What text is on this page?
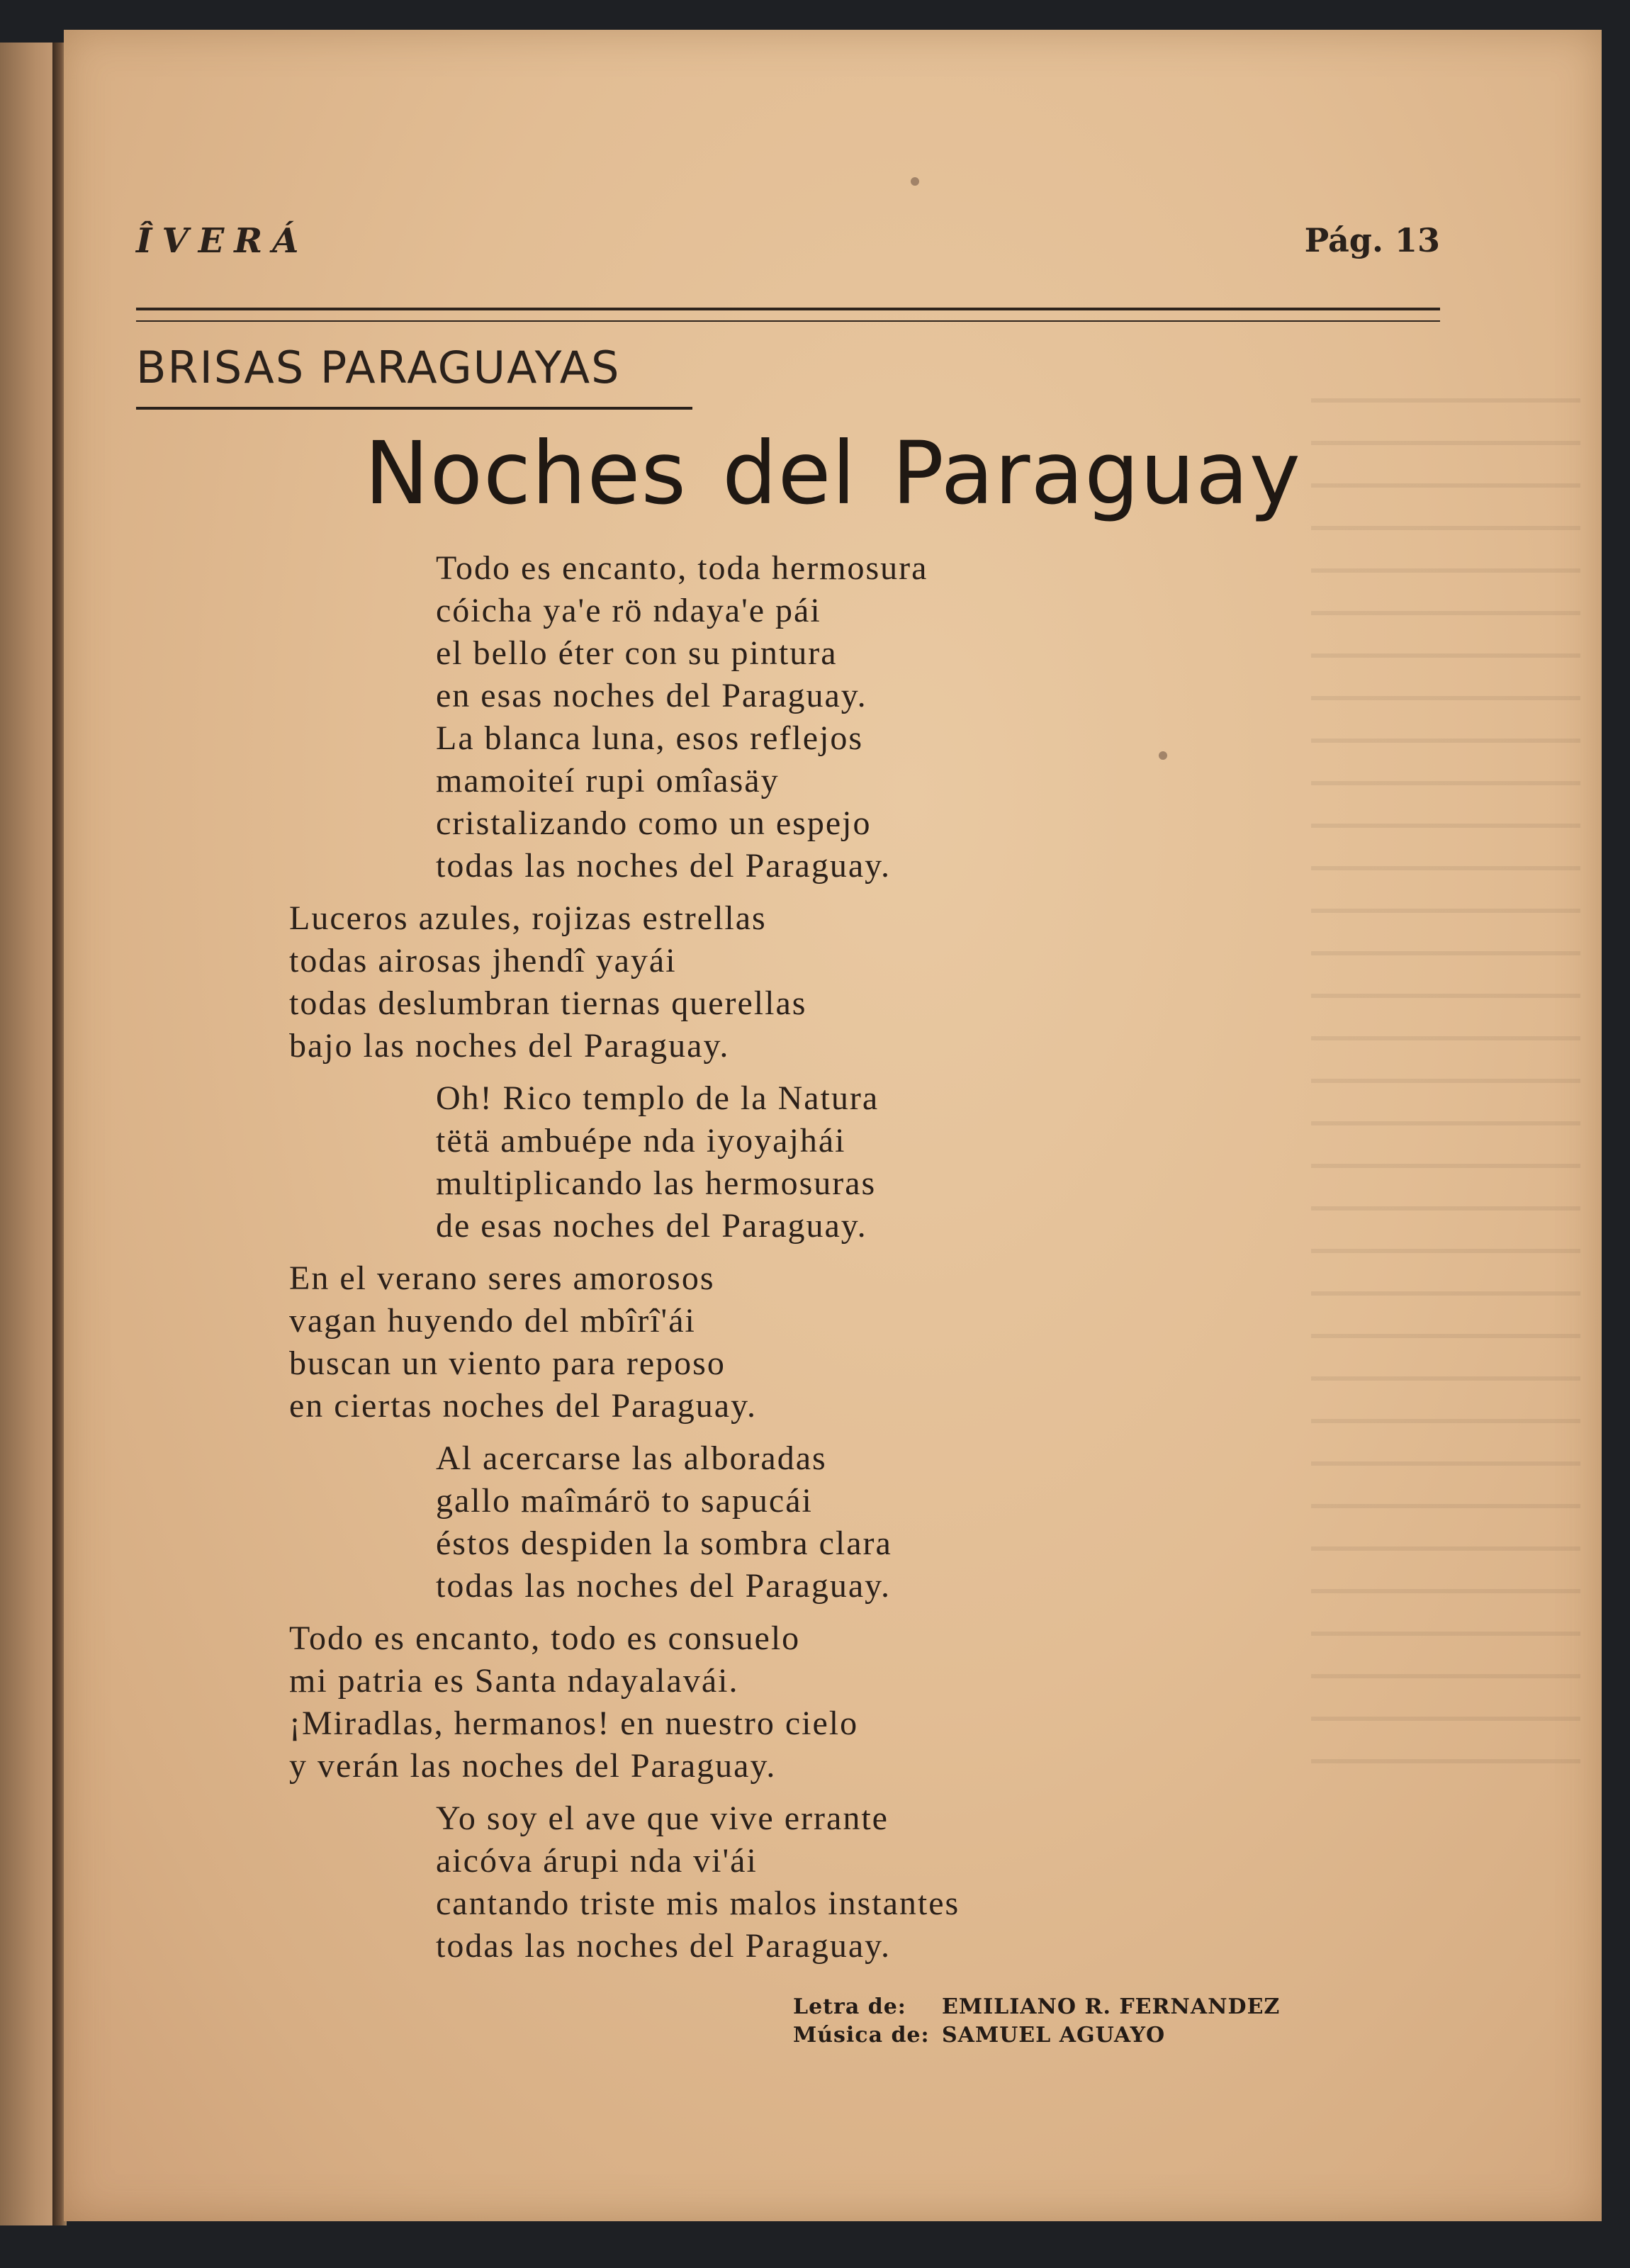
ÎVERÁ	Pág. 13
BRISAS PARAGUAYAS
Noches del Paraguay
Todo es encanto, toda hermosura
cóicha ya'e rö ndaya'e pái
el bello éter con su pintura
en esas noches del Paraguay.
La blanca luna, esos reflejos
mamoiteí rupi omîasäy
cristalizando como un espejo
todas las noches del Paraguay.
Luceros azules, rojizas estrellas
todas airosas jhendî yayái
todas deslumbran tiernas querellas
bajo las noches del Paraguay.
Oh! Rico templo de la Natura
tëtä ambuépe nda iyoyajhái
multiplicando las hermosuras
de esas noches del Paraguay.
En el verano seres amorosos
vagan huyendo del mbîrî'ái
buscan un viento para reposo
en ciertas noches del Paraguay.
Al acercarse las alboradas
gallo maîmárö to sapucái
éstos despiden la sombra clara
todas las noches del Paraguay.
Todo es encanto, todo es consuelo
mi patria es Santa ndayalavái.
¡Miradlas, hermanos! en nuestro cielo
y verán las noches del Paraguay.
Yo soy el ave que vive errante
aicóva árupi nda vi'ái
cantando triste mis malos instantes
todas las noches del Paraguay.
Letra de: EMILIANO R. FERNANDEZ
Música de: SAMUEL AGUAYO
